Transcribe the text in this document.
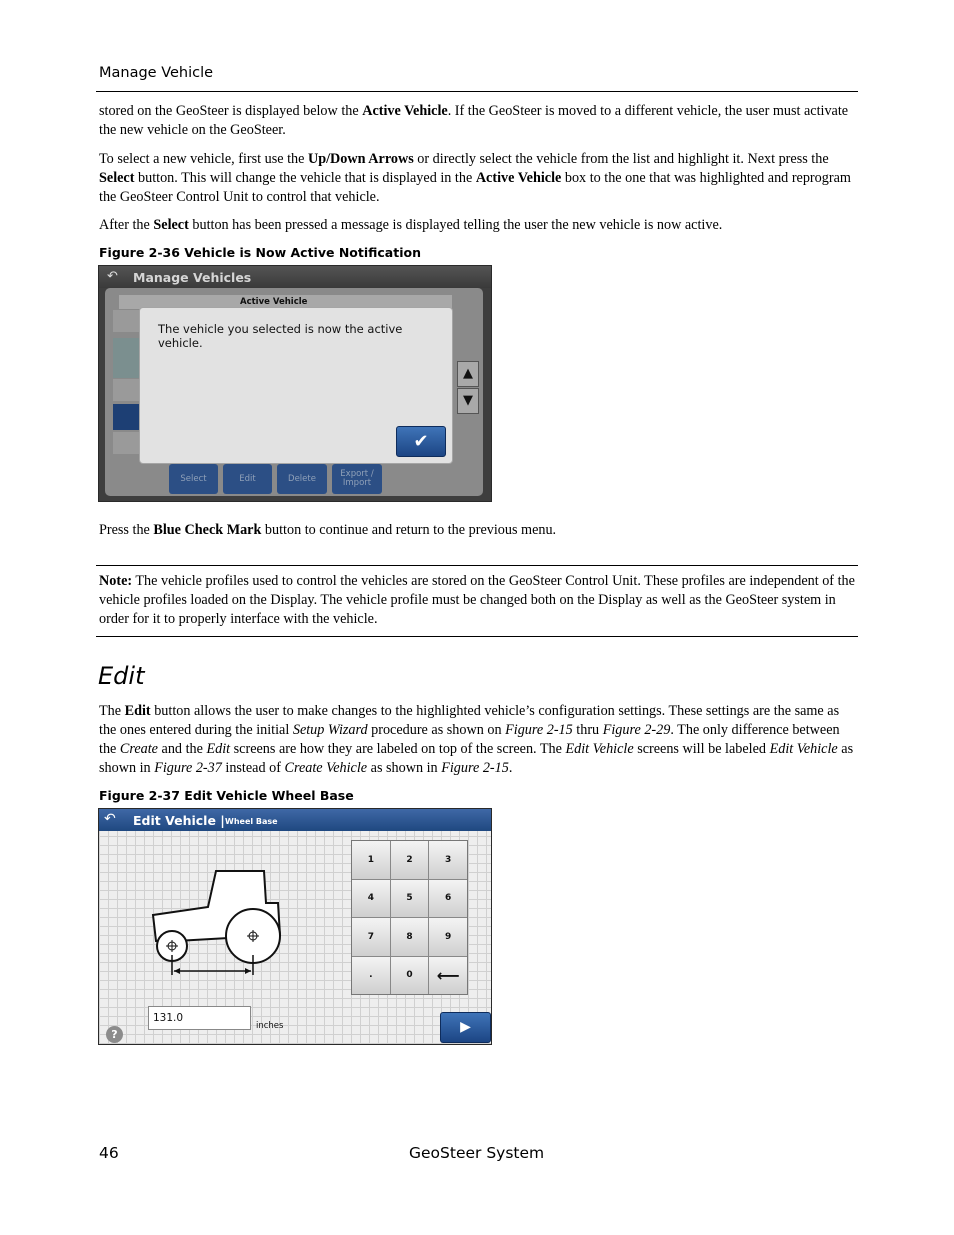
Manage Vehicle

stored on the GeoSteer is displayed below the Active Vehicle. If the GeoSteer is moved to a different vehicle, the user must activate the new vehicle on the GeoSteer.

To select a new vehicle, first use the Up/Down Arrows or directly select the vehicle from the list and highlight it. Next press the Select button. This will change the vehicle that is displayed in the Active Vehicle box to the one that was highlighted and reprogram the GeoSteer Control Unit to control that vehicle.

After the Select button has been pressed a message is displayed telling the user the new vehicle is now active.

Figure 2-36 Vehicle is Now Active Notification
↶	Manage Vehicles
▲
▼
Active Vehicle
Select	Edit	Delete	Export / Import
The vehicle you selected is now the active vehicle.
✔

Press the Blue Check Mark button to continue and return to the previous menu.

Note: The vehicle profiles used to control the vehicles are stored on the GeoSteer Control Unit. These profiles are independent of the vehicle profiles loaded on the Display. The vehicle profile must be changed both on the Display as well as the GeoSteer system in order for it to properly interface with the vehicle.

Edit

The Edit button allows the user to make changes to the highlighted vehicle’s configuration settings. These settings are the same as the ones entered during the initial Setup Wizard procedure as shown on Figure 2-15 thru Figure 2-29. The only difference between the Create and the Edit screens are how they are labeled on top of the screen. The Edit Vehicle screens will be labeled Edit Vehicle as shown in Figure 2-37 instead of Create Vehicle as shown in Figure 2-15.

Figure 2-37 Edit Vehicle Wheel Base
↶ Edit Vehicle | Wheel Base
1	2	3
4	5	6
7	8	9
.	0	⟵
131.0
inches
?	▶
46	GeoSteer System
